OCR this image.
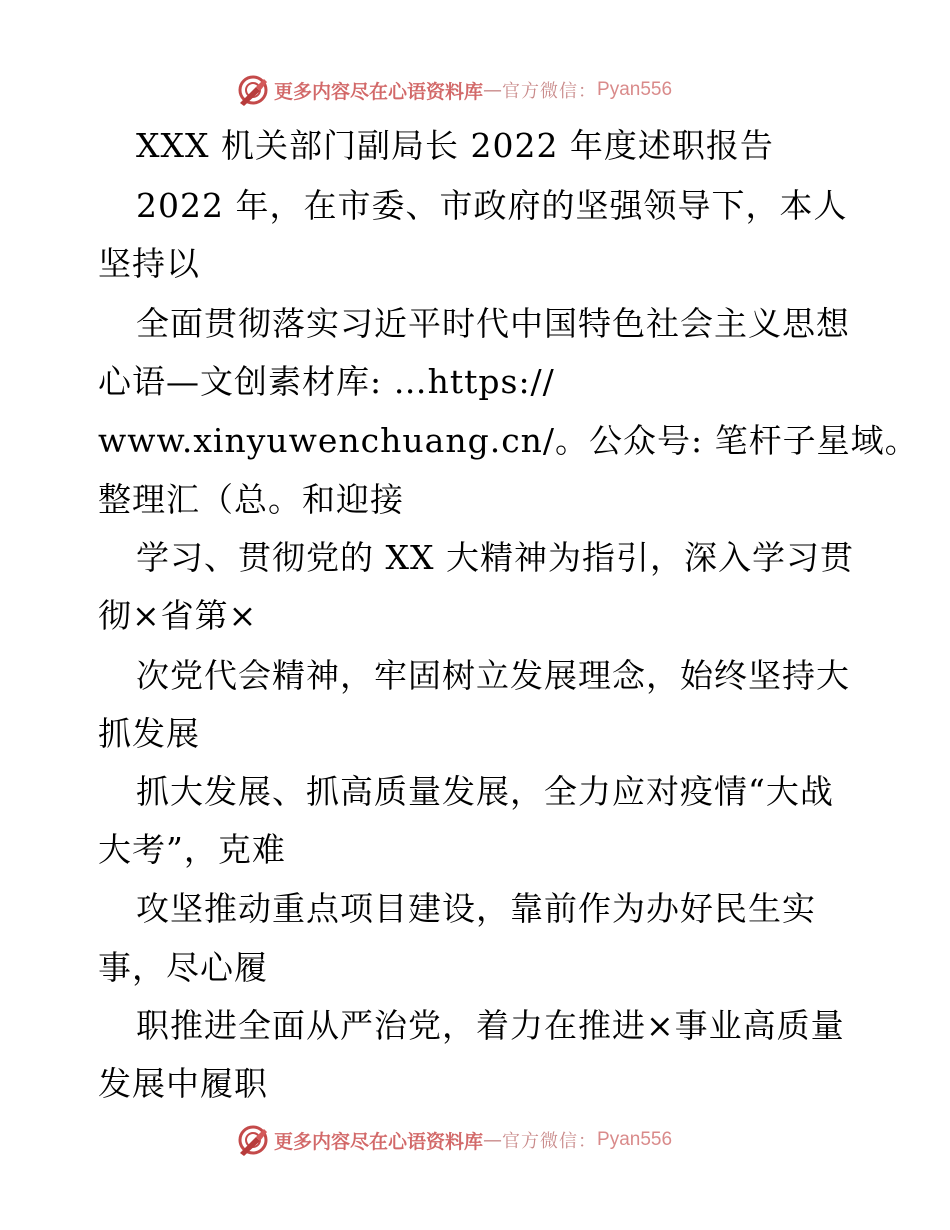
更多内容尽在心语资料库 — 官方微信： Pyan556
XXX 机关部门副局长 2022 年度述职报告
2022 年，在市委、市政府的坚强领导下，本人
坚持以
全面贯彻落实习近平时代中国特色社会主义思想
心语—文创素材库: …https://
www.xinyuwenchuang.cn/。公众号: 笔杆子星域。
整理汇（总。和迎接
学习、贯彻党的 XX 大精神为指引，深入学习贯
彻×省第×
次党代会精神，牢固树立发展理念，始终坚持大
抓发展
抓大发展、抓高质量发展，全力应对疫情“大战
大考”，克难
攻坚推动重点项目建设，靠前作为办好民生实
事，尽心履
职推进全面从严治党，着力在推进×事业高质量
发展中履职
更多内容尽在心语资料库 — 官方微信： Pyan556
